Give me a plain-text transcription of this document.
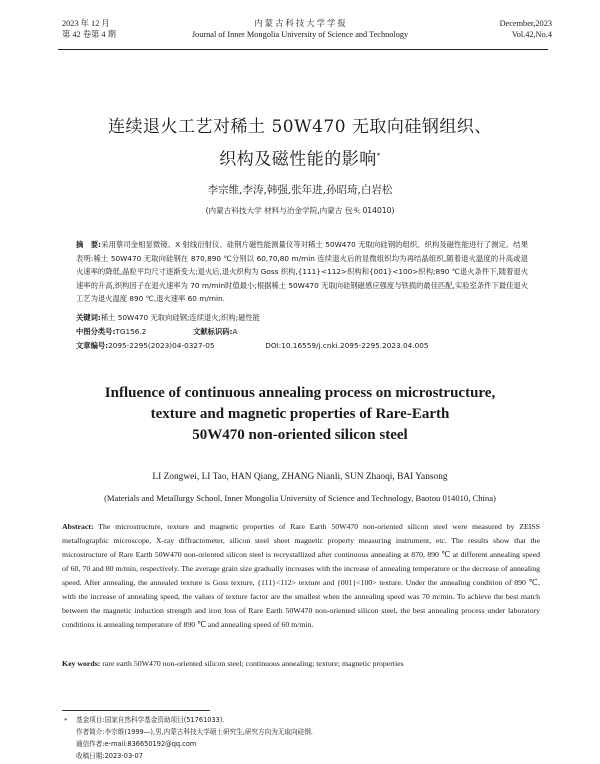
2023 年 12 月
第 42 卷第 4 期
内 蒙 古 科 技 大 学 学 报
Journal of Inner Mongolia University of Science and Technology
December,2023
Vol.42,No.4
连续退火工艺对稀土 50W470 无取向硅钢组织、
织构及磁性能的影响*
李宗维,李涛,韩强,张年进,孙昭琦,白岩松
(内蒙古科技大学 材料与冶金学院,内蒙古 包头 014010)
摘　要:采用蔡司金相显微镜、X 射线衍射仪、硅钢片磁性能测量仪等对稀土 50W470 无取向硅钢的组织、织构及磁性能进行了测定。结果表明:稀土 50W470 无取向硅钢在 870,890 ℃分别以 60,70,80 m/min 连续退火后的显微组织均为再结晶组织,随着退火温度的升高或退火速率的降低,晶粒平均尺寸逐渐变大;退火后,退火织构为 Goss 织构,{111}<112>织构和{001}<100>织构;890 ℃退火条件下,随着退火速率的升高,织构因子在退火速率为 70 m/min时值最小;根据稀土 50W470 无取向硅钢磁感应强度与铁损的最佳匹配,实验室条件下最佳退火工艺为退火温度 890 ℃,退火速率 60 m/min.
关键词:稀土 50W470 无取向硅钢;连续退火;织构;磁性能
中图分类号:TG156.2	文献标识码:A
文章编号:2095-2295(2023)04-0327-05	DOI:10.16559/j.cnki.2095-2295.2023.04.005
Influence of continuous annealing process on microstructure,
texture and magnetic properties of Rare-Earth
50W470 non-oriented silicon steel
LI Zongwei, LI Tao, HAN Qiang, ZHANG Nianli, SUN Zhaoqi, BAI Yansong
(Materials and Metallurgy School, Inner Mongolia University of Science and Technology, Baotou 014010, China)
Abstract: The microstructure, texture and magnetic properties of Rare Earth 50W470 non-oriented silicon steel were measured by ZEISS metallographic microscope, X-ray diffractometer, silicon steel sheet magnetic property measuring instrument, etc. The results show that the microstructure of Rare Earth 50W470 non-oriented silicon steel is recrystallized after continuous annealing at 870, 890 ℃ at different annealing speed of 60, 70 and 80 m/min, respectively. The average grain size gradually increases with the increase of annealing temperature or the decrease of annealing speed. After annealing, the annealed texture is Goss texture, {111}<112> texture and {001}<100> texture. Under the annealing condition of 890 ℃, with the increase of annealing speed, the values of texture factor are the smallest when the annealing speed was 70 m/min. To achieve the best match between the magnetic induction strength and iron loss of Rare Earth 50W470 non-oriented silicon steel, the best annealing process under laboratory conditions is annealing temperature of 890 ℃ and annealing speed of 60 m/min.
Key words: rare earth 50W470 non-oriented silicon steel; continuous annealing; texture; magnetic properties
* 基金项目:国家自然科学基金资助项目(51761033).
作者简介:李宗维(1999—),男,内蒙古科技大学硕士研究生,研究方向为无取向硅钢.
通信作者:e-mail:836650192@qq.com
收稿日期:2023-03-07
